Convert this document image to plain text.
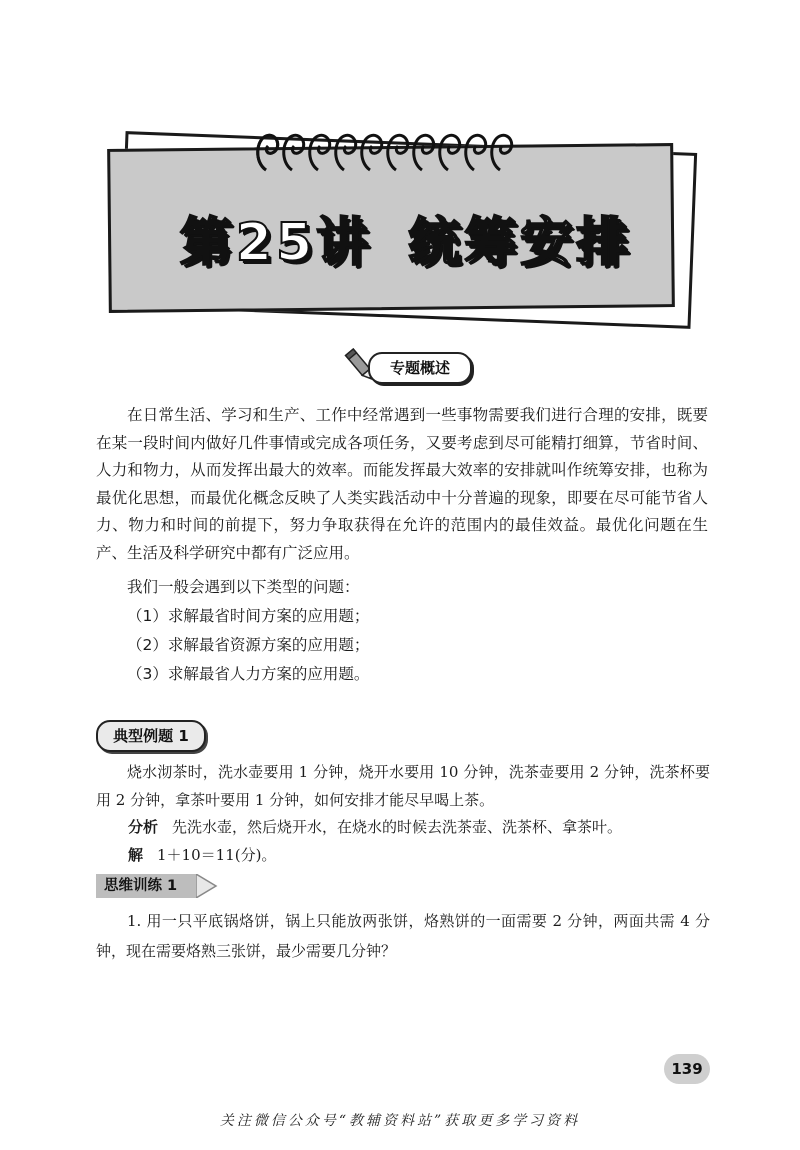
第25讲 统筹安排
专题概述

在日常生活、学习和生产、工作中经常遇到一些事物需要我们进行合理的安排，既要在某一段时间内做好几件事情或完成各项任务，又要考虑到尽可能精打细算，节省时间、人力和物力，从而发挥出最大的效率。而能发挥最大效率的安排就叫作统筹安排，也称为最优化思想，而最优化概念反映了人类实践活动中十分普遍的现象，即要在尽可能节省人力、物力和时间的前提下，努力争取获得在允许的范围内的最佳效益。最优化问题在生产、生活及科学研究中都有广泛应用。

我们一般会遇到以下类型的问题：

（1）求解最省时间方案的应用题；
（2）求解最省资源方案的应用题；
（3）求解最省人力方案的应用题。
典型例题 1

烧水沏茶时，洗水壶要用 1 分钟，烧开水要用 10 分钟，洗茶壶要用 2 分钟，洗茶杯要用 2 分钟，拿茶叶要用 1 分钟，如何安排才能尽早喝上茶。

分析 先洗水壶，然后烧开水，在烧水的时候去洗茶壶、洗茶杯、拿茶叶。

解 1＋10＝11(分)。

思维训练 1

1. 用一只平底锅烙饼，锅上只能放两张饼，烙熟饼的一面需要 2 分钟，两面共需 4 分钟，现在需要烙熟三张饼，最少需要几分钟？

139
关注微信公众号“教辅资料站”获取更多学习资料
